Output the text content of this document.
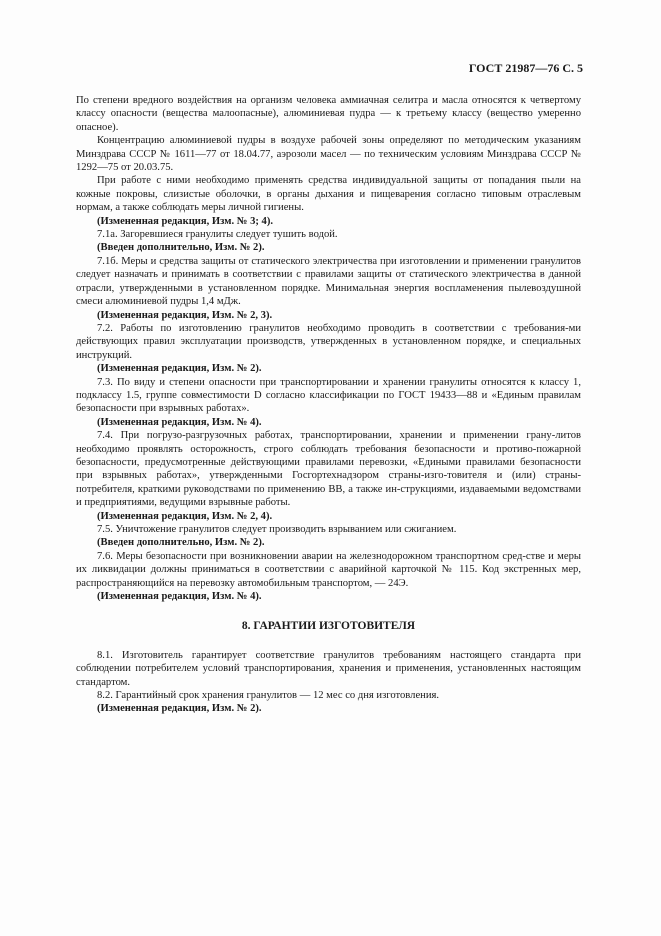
ГОСТ 21987—76 С. 5

По степени вредного воздействия на организм человека аммиачная селитра и масла относятся к четвертому классу опасности (вещества малоопасные), алюминиевая пудра — к третьему классу (вещество умеренно опасное).

Концентрацию алюминиевой пудры в воздухе рабочей зоны определяют по методическим указаниям Минздрава СССР № 1611—77 от 18.04.77, аэрозоли масел — по техническим условиям Минздрава СССР № 1292—75 от 20.03.75.

При работе с ними необходимо применять средства индивидуальной защиты от попадания пыли на кожные покровы, слизистые оболочки, в органы дыхания и пищеварения согласно типовым отраслевым нормам, а также соблюдать меры личной гигиены.

(Измененная редакция, Изм. № 3; 4).

7.1а. Загоревшиеся гранулиты следует тушить водой.

(Введен дополнительно, Изм. № 2).

7.1б. Меры и средства защиты от статического электричества при изготовлении и применении гранулитов следует назначать и принимать в соответствии с правилами защиты от статического электричества в данной отрасли, утвержденными в установленном порядке. Минимальная энергия воспламенения пылевоздушной смеси алюминиевой пудры 1,4 мДж.

(Измененная редакция, Изм. № 2, 3).

7.2. Работы по изготовлению гранулитов необходимо проводить в соответствии с требования-ми действующих правил эксплуатации производств, утвержденных в установленном порядке, и специальных инструкций.

(Измененная редакция, Изм. № 2).

7.3. По виду и степени опасности при транспортировании и хранении гранулиты относятся к классу 1, подклассу 1.5, группе совместимости D согласно классификации по ГОСТ 19433—88 и «Единым правилам безопасности при взрывных работах».

(Измененная редакция, Изм. № 4).

7.4. При погрузо-разгрузочных работах, транспортировании, хранении и применении грану-литов необходимо проявлять осторожность, строго соблюдать требования безопасности и противо-пожарной безопасности, предусмотренные действующими правилами перевозки, «Едиными правилами безопасности при взрывных работах», утвержденными Госгортехнадзором страны-изго-товителя и (или) страны-потребителя, краткими руководствами по применению ВВ, а также ин-струкциями, издаваемыми ведомствами и предприятиями, ведущими взрывные работы.

(Измененная редакция, Изм. № 2, 4).

7.5. Уничтожение гранулитов следует производить взрыванием или сжиганием.

(Введен дополнительно, Изм. № 2).

7.6. Меры безопасности при возникновении аварии на железнодорожном транспортном сред-стве и меры их ликвидации должны приниматься в соответствии с аварийной карточкой № 115. Код экстренных мер, распространяющийся на перевозку автомобильным транспортом, — 24Э.

(Измененная редакция, Изм. № 4).

8. ГАРАНТИИ ИЗГОТОВИТЕЛЯ

8.1. Изготовитель гарантирует соответствие гранулитов требованиям настоящего стандарта при соблюдении потребителем условий транспортирования, хранения и применения, установленных настоящим стандартом.

8.2. Гарантийный срок хранения гранулитов — 12 мес со дня изготовления.

(Измененная редакция, Изм. № 2).
